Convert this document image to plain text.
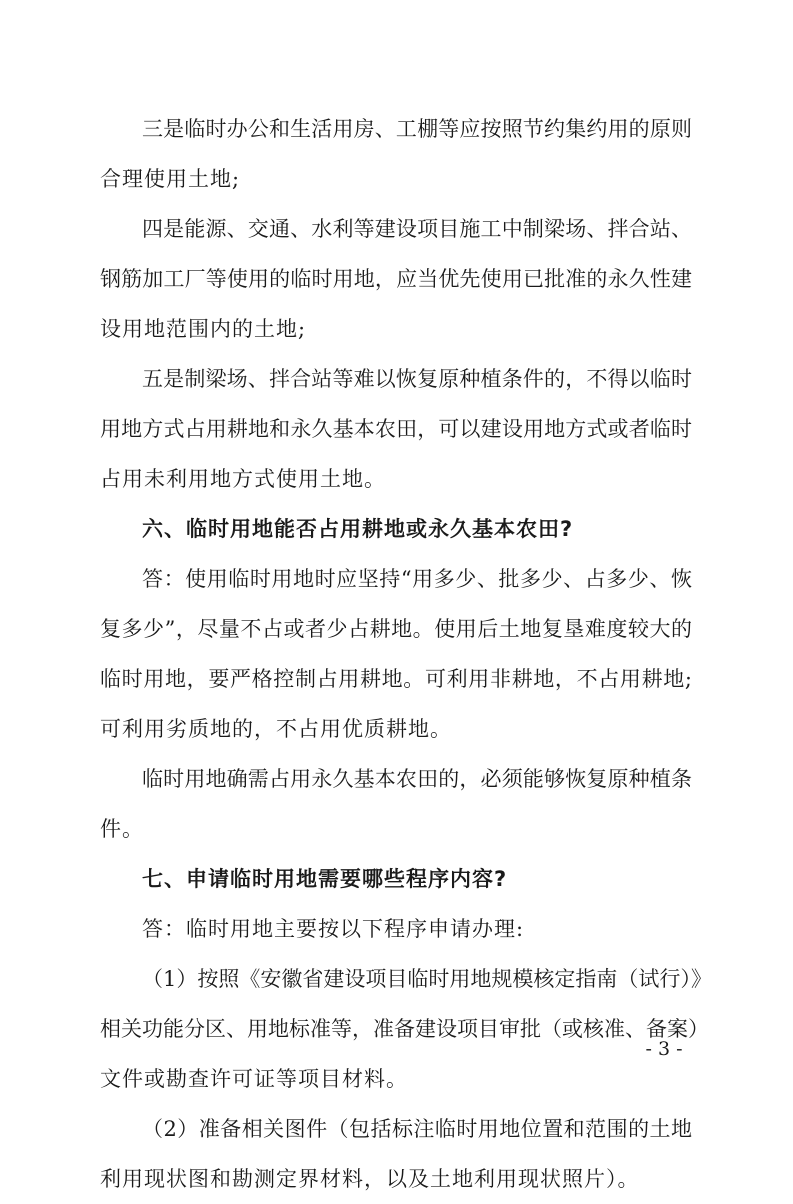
三是临时办公和生活用房、工棚等应按照节约集约用的原则
合理使用土地;
四是能源、交通、水利等建设项目施工中制梁场、拌合站、
钢筋加工厂等使用的临时用地，应当优先使用已批准的永久性建
设用地范围内的土地;
五是制梁场、拌合站等难以恢复原种植条件的，不得以临时
用地方式占用耕地和永久基本农田，可以建设用地方式或者临时
占用未利用地方式使用土地。
六、临时用地能否占用耕地或永久基本农田?
答：使用临时用地时应坚持“用多少、批多少、占多少、恢
复多少”，尽量不占或者少占耕地。使用后土地复垦难度较大的
临时用地，要严格控制占用耕地。可利用非耕地，不占用耕地;
可利用劣质地的，不占用优质耕地。
临时用地确需占用永久基本农田的，必须能够恢复原种植条
件。
七、申请临时用地需要哪些程序内容?
答：临时用地主要按以下程序申请办理:
（1）按照《安徽省建设项目临时用地规模核定指南（试行）》
相关功能分区、用地标准等，准备建设项目审批（或核准、备案）
文件或勘查许可证等项目材料。
（2）准备相关图件（包括标注临时用地位置和范围的土地
利用现状图和勘测定界材料，以及土地利用现状照片）。
- 3 -
